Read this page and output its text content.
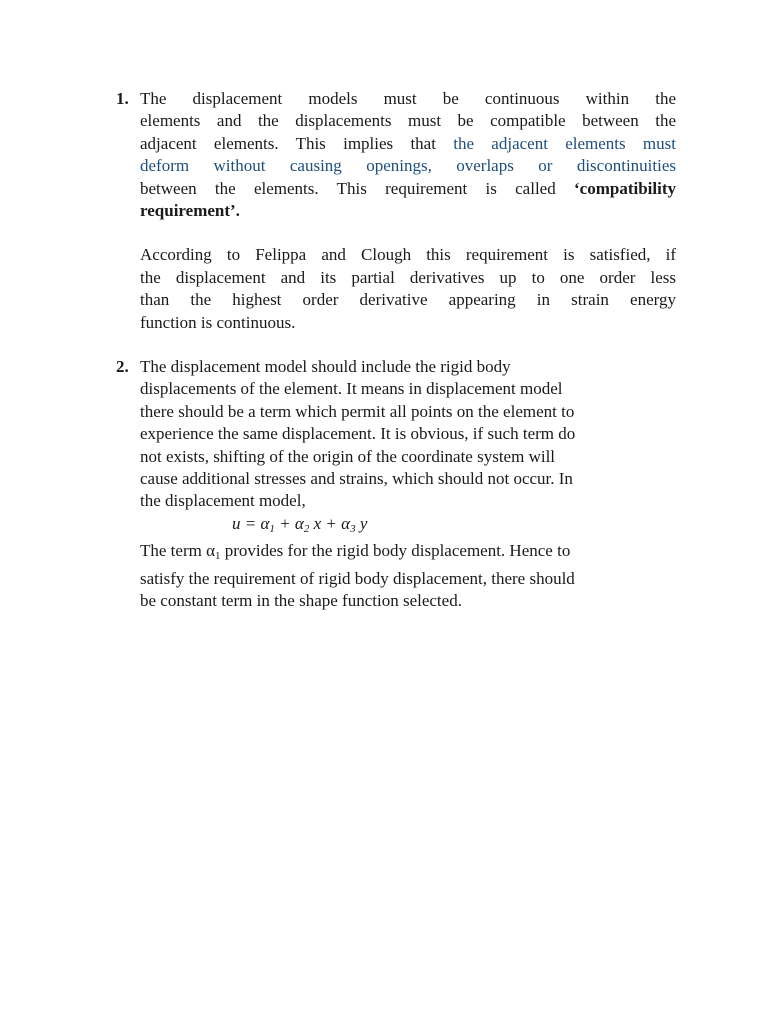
1. The displacement models must be continuous within the
elements and the displacements must be compatible between the
adjacent elements. This implies that the adjacent elements must
deform without causing openings, overlaps or discontinuities
between the elements. This requirement is called ‘compatibility
requirement’.
According to Felippa and Clough this requirement is satisfied, if
the displacement and its partial derivatives up to one order less
than the highest order derivative appearing in strain energy
function is continuous.
2. The displacement model should include the rigid body
displacements of the element. It means in displacement model
there should be a term which permit all points on the element to
experience the same displacement. It is obvious, if such term do
not exists, shifting of the origin of the coordinate system will
cause additional stresses and strains, which should not occur. In
the displacement model,
$u = \alpha_1 + \alpha_2$ $x + \alpha_3$ y
The term $\alpha_1$ provides for the rigid body displacement. Hence to
satisfy the requirement of rigid body displacement, there should
be constant term in the shape function selected.
